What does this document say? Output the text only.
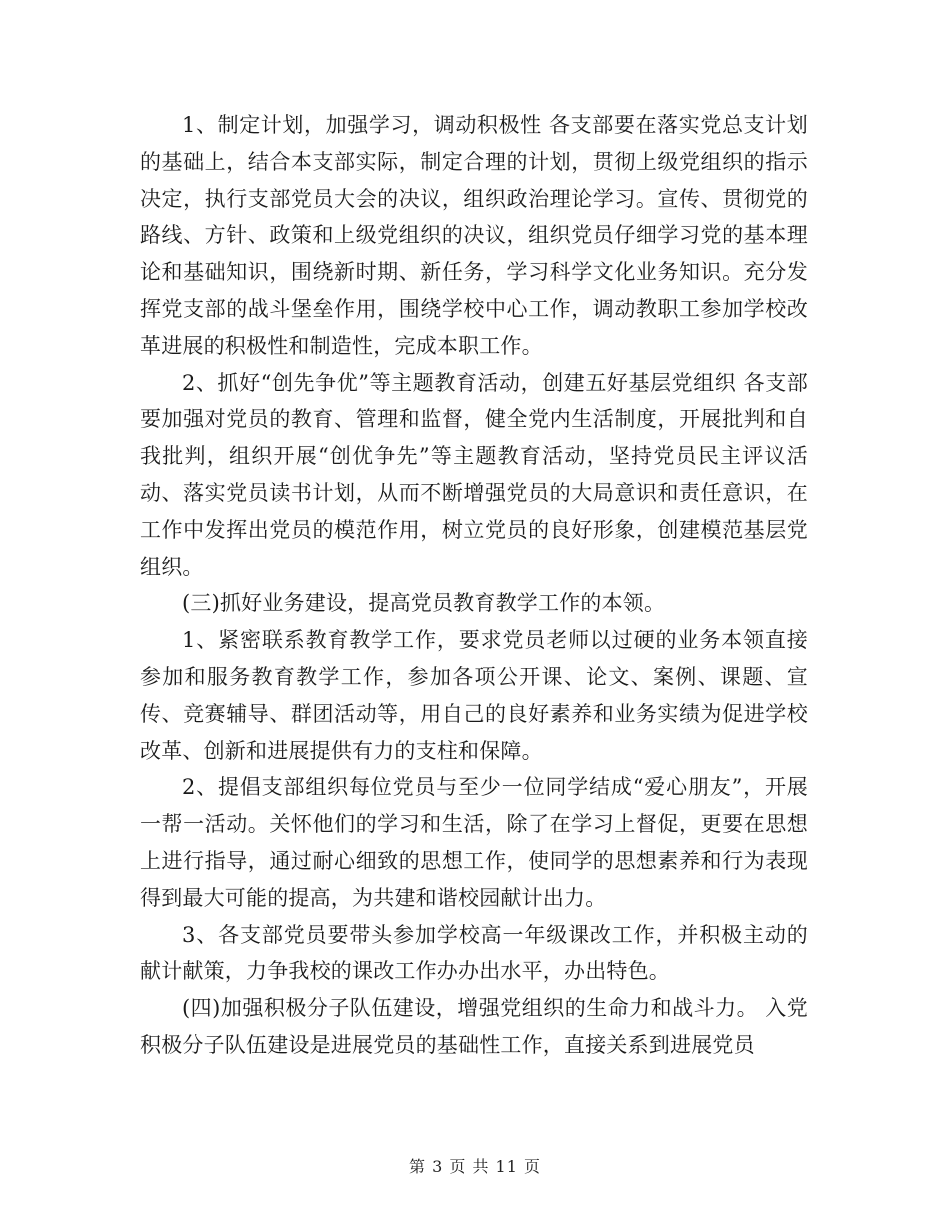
1、制定计划，加强学习，调动积极性 各支部要在落实党总支计划的基础上，结合本支部实际，制定合理的计划，贯彻上级党组织的指示决定，执行支部党员大会的决议，组织政治理论学习。宣传、贯彻党的路线、方针、政策和上级党组织的决议，组织党员仔细学习党的基本理论和基础知识，围绕新时期、新任务，学习科学文化业务知识。充分发挥党支部的战斗堡垒作用，围绕学校中心工作，调动教职工参加学校改革进展的积极性和制造性，完成本职工作。

2、抓好“创先争优”等主题教育活动，创建五好基层党组织 各支部要加强对党员的教育、管理和监督，健全党内生活制度，开展批判和自我批判，组织开展“创优争先”等主题教育活动，坚持党员民主评议活动、落实党员读书计划，从而不断增强党员的大局意识和责任意识，在工作中发挥出党员的模范作用，树立党员的良好形象，创建模范基层党组织。

(三)抓好业务建设，提高党员教育教学工作的本领。

1、紧密联系教育教学工作，要求党员老师以过硬的业务本领直接参加和服务教育教学工作，参加各项公开课、论文、案例、课题、宣传、竞赛辅导、群团活动等，用自己的良好素养和业务实绩为促进学校改革、创新和进展提供有力的支柱和保障。

2、提倡支部组织每位党员与至少一位同学结成“爱心朋友”，开展一帮一活动。关怀他们的学习和生活，除了在学习上督促，更要在思想上进行指导，通过耐心细致的思想工作，使同学的思想素养和行为表现得到最大可能的提高，为共建和谐校园献计出力。

3、各支部党员要带头参加学校高一年级课改工作，并积极主动的献计献策，力争我校的课改工作办办出水平，办出特色。

(四)加强积极分子队伍建设，增强党组织的生命力和战斗力。 入党积极分子队伍建设是进展党员的基础性工作，直接关系到进展党员

第 3 页 共 11 页
